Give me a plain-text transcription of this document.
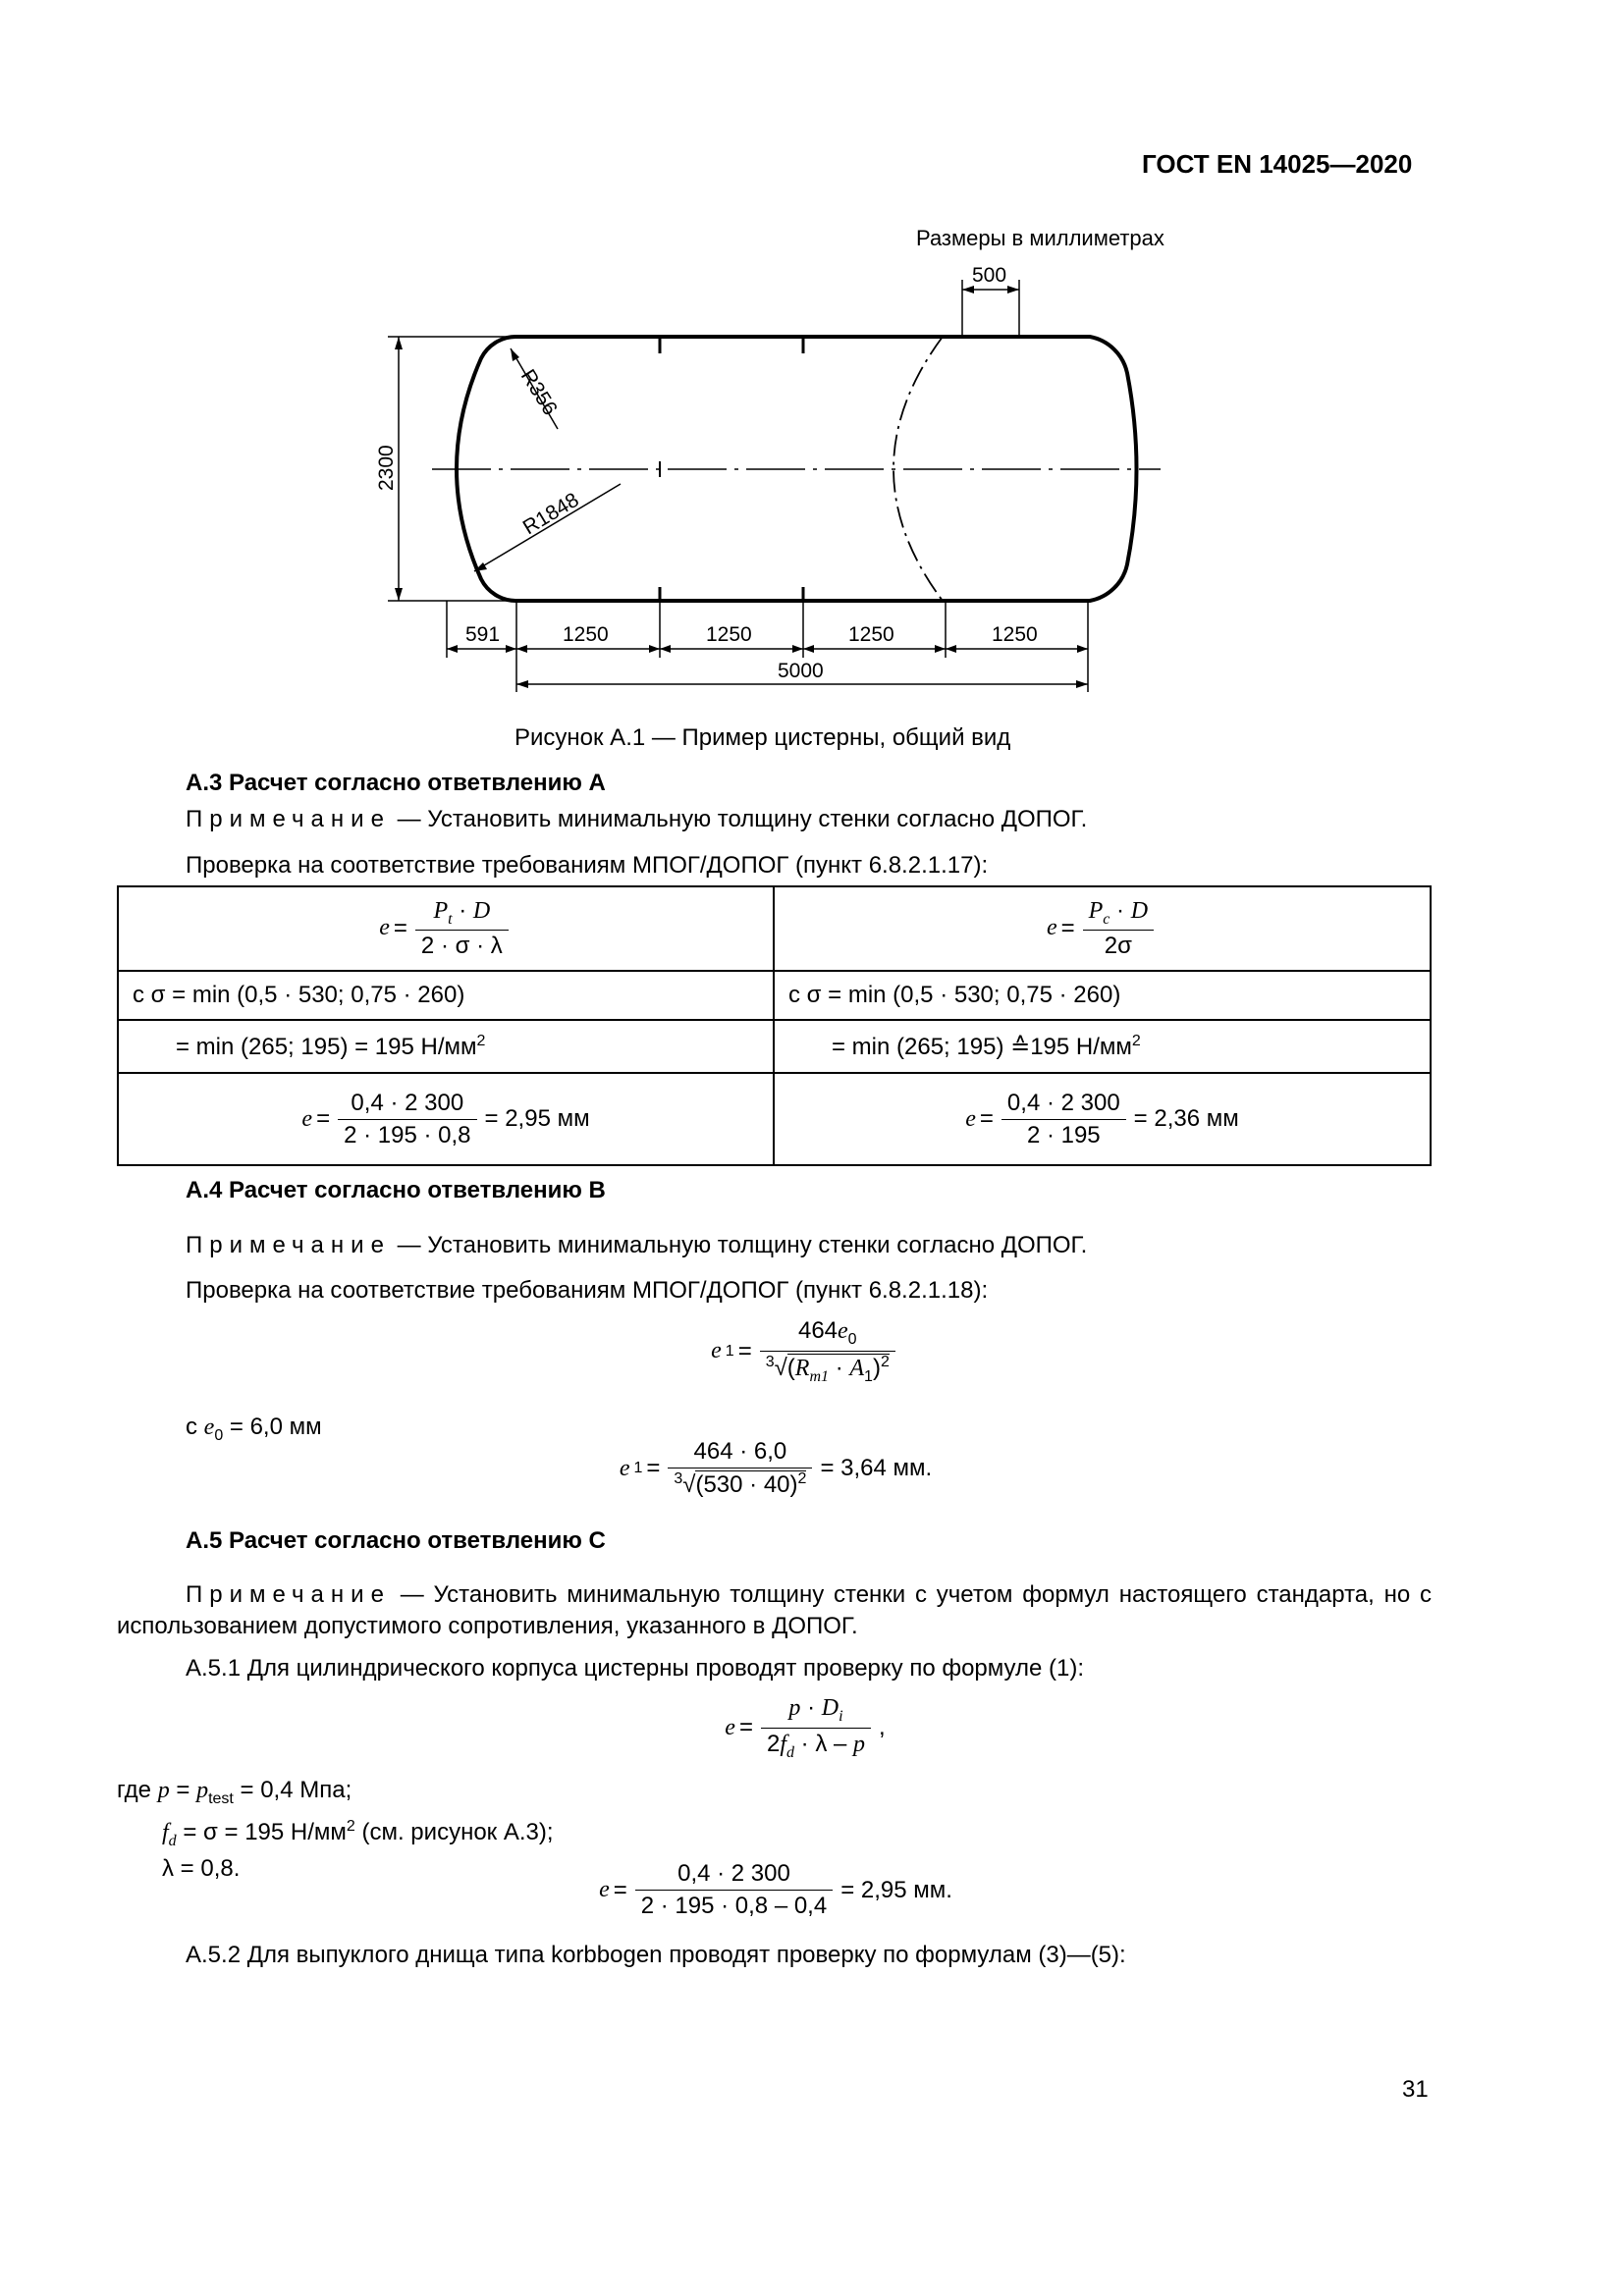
ГОСТ EN 14025—2020
Размеры в миллиметрах
500
2300
R356
R1848
591	1250	1250	1250	1250
5000
Рисунок А.1 — Пример цистерны, общий вид
А.3 Расчет согласно ответвлению А
Примечание — Установить минимальную толщину стенки согласно ДОПОГ.
Проверка на соответствие требованиям МПОГ/ДОПОГ (пункт 6.8.2.1.17):
$e = \frac{P_t \cdot D}{2 \cdot \sigma \cdot \lambda}$	$e = \frac{P_c \cdot D}{2\sigma}$

с σ = min (0,5 · 530; 0,75 · 260)	с σ = min (0,5 · 530; 0,75 · 260)
= min (265; 195) = 195 $Н/мм^2$	= min (265; 195) ≙195 $Н/мм^2$

$e = \frac{0,4 \cdot 2 300}{2 \cdot 195 \cdot 0,8} = 2,95$ мм	$e = \frac{0,4 \cdot 2 300}{2 \cdot 195} = 2,36$ мм
А.4 Расчет согласно ответвлению В
Примечание — Установить минимальную толщину стенки согласно ДОПОГ.
Проверка на соответствие требованиям МПОГ/ДОПОГ (пункт 6.8.2.1.18):
e $1 = \frac{464e_0}{^3√(R_{m1} \cdot A_1)^2}$
с $e_0 = 6,0$ мм
e $1 = \frac{464 \cdot 6,0}{^3√(530 \cdot 40)^2} = 3,64$ мм.
А.5 Расчет согласно ответвлению С
Примечание — Установить минимальную толщину стенки с учетом формул настоящего стандарта, но с использованием допустимого сопротивления, указанного в ДОПОГ.
А.5.1 Для цилиндрического корпуса цистерны проводят проверку по формуле (1):
$e = \frac{p \cdot D_i}{2f_d \cdot \lambda - p}$ ,
где $p = p_{test} = 0,4$ Мпа;
$f_d = \sigma = 195$ $Н/мм^2$ (см. рисунок А.3);
λ = 0,8.
$e = \frac{0,4 \cdot 2 300}{2 \cdot 195 \cdot 0,8 - 0,4} = 2,95$ мм.
А.5.2 Для выпуклого днища типа korbbogen проводят проверку по формулам (3)—(5):
31
